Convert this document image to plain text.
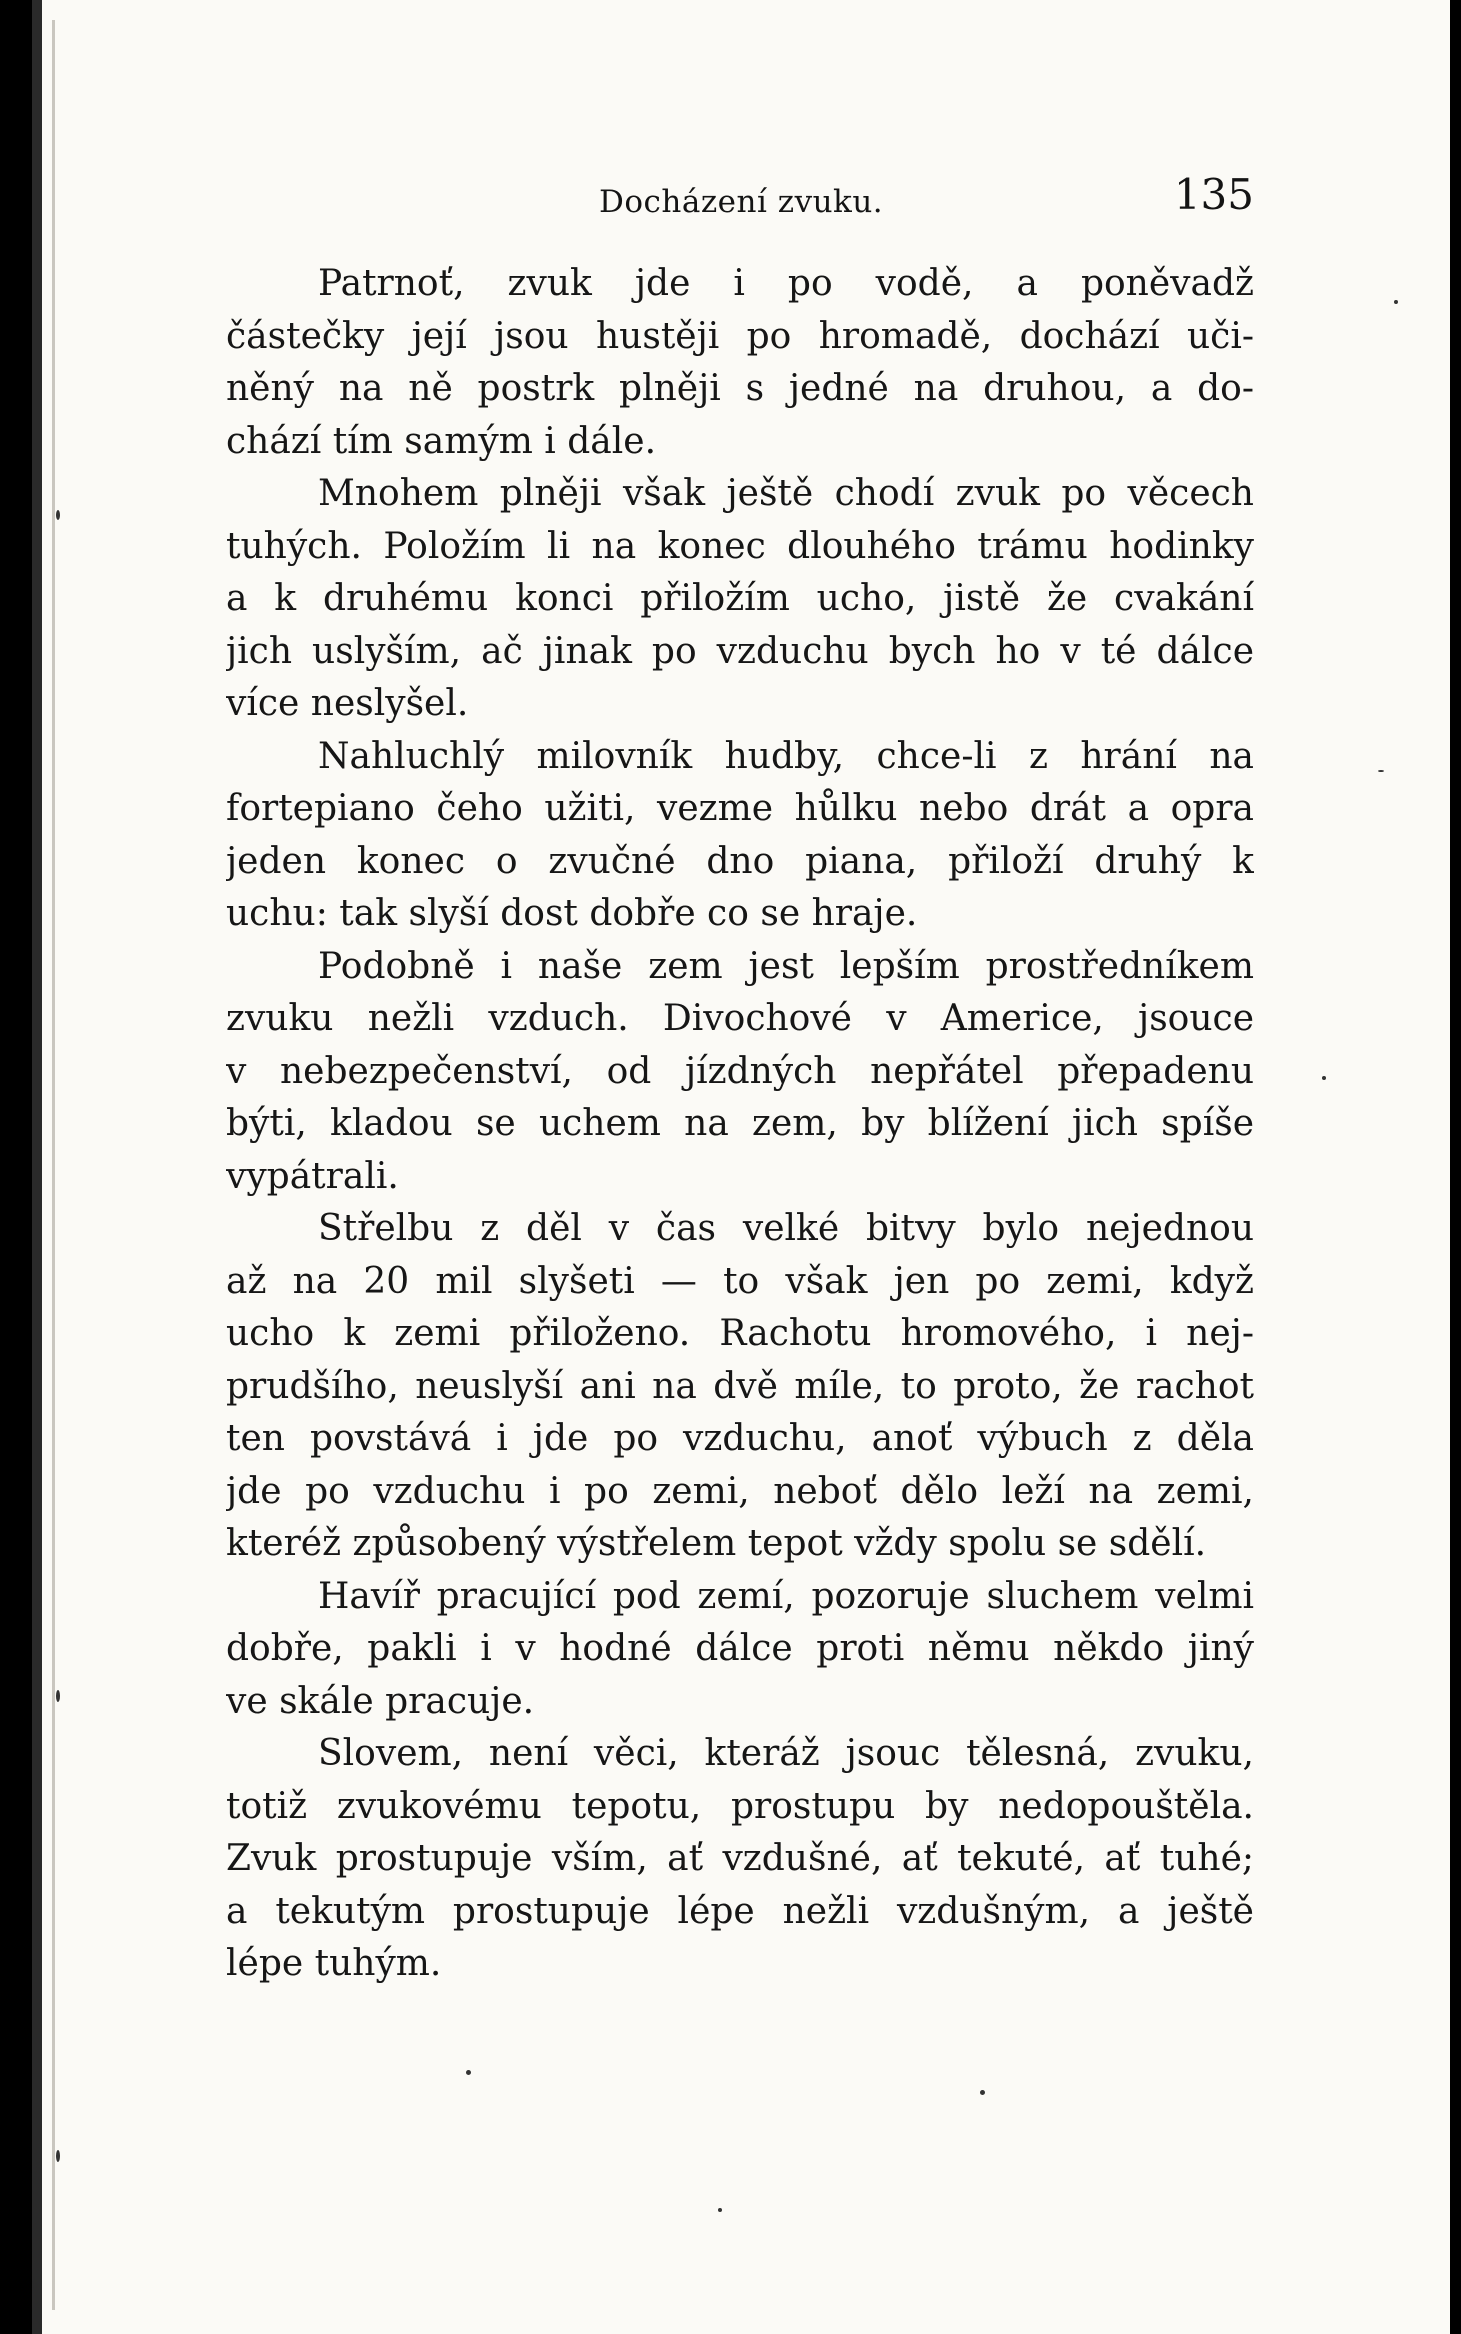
Docházení zvuku.	135
Patrnoť, zvuk jde i po vodě, a poněvadž
částečky její jsou hustěji po hromadě, dochází uči-
něný na ně postrk plněji s jedné na druhou, a do-
chází tím samým i dále.
Mnohem plněji však ještě chodí zvuk po věcech
tuhých. Položím li na konec dlouhého trámu hodinky
a k druhému konci přiložím ucho, jistě že cvakání
jich uslyším, ač jinak po vzduchu bych ho v té dálce
více neslyšel.
Nahluchlý milovník hudby, chce-li z hrání na
fortepiano čeho užiti, vezme hůlku nebo drát a opra
jeden konec o zvučné dno piana, přiloží druhý k
uchu: tak slyší dost dobře co se hraje.
Podobně i naše zem jest lepším prostředníkem
zvuku nežli vzduch. Divochové v Americe, jsouce
v nebezpečenství, od jízdných nepřátel přepadenu
býti, kladou se uchem na zem, by blížení jich spíše
vypátrali.
Střelbu z děl v čas velké bitvy bylo nejednou
až na 20 mil slyšeti — to však jen po zemi, když
ucho k zemi přiloženo. Rachotu hromového, i nej-
prudšího, neuslyší ani na dvě míle, to proto, že rachot
ten povstává i jde po vzduchu, anoť výbuch z děla
jde po vzduchu i po zemi, neboť dělo leží na zemi,
kteréž způsobený výstřelem tepot vždy spolu se sdělí.
Havíř pracující pod zemí, pozoruje sluchem velmi
dobře, pakli i v hodné dálce proti němu někdo jiný
ve skále pracuje.
Slovem, není věci, kteráž jsouc tělesná, zvuku,
totiž zvukovému tepotu, prostupu by nedopouštěla.
Zvuk prostupuje vším, ať vzdušné, ať tekuté, ať tuhé;
a tekutým prostupuje lépe nežli vzdušným, a ještě
lépe tuhým.
